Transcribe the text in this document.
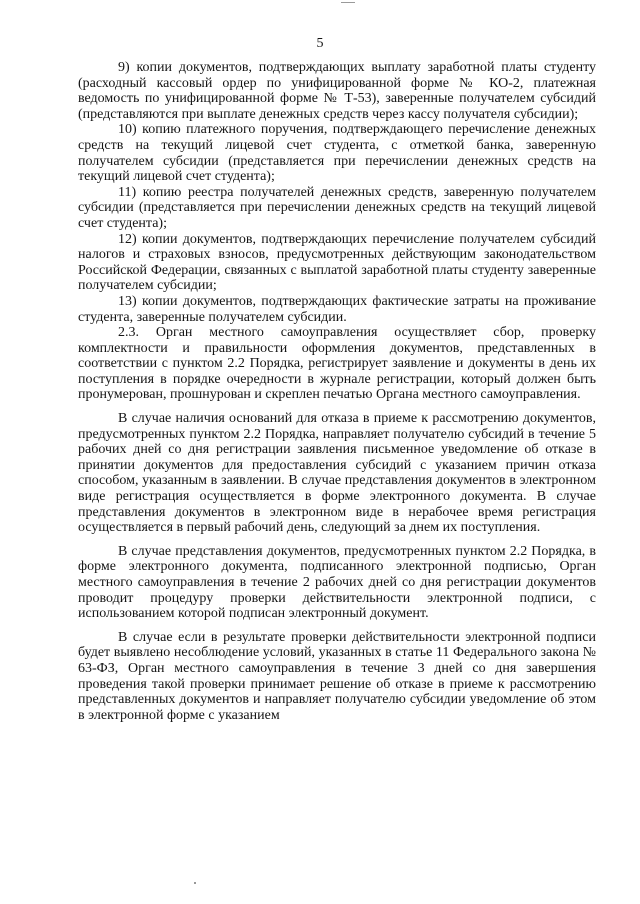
5

9) копии документов, подтверждающих выплату заработной платы студенту (расходный кассовый ордер по унифицированной форме № КО-2, платежная ведомость по унифицированной форме № Т-53), заверенные получателем субсидий (представляются при выплате денежных средств через кассу получателя субсидии);

10) копию платежного поручения, подтверждающего перечисление денежных средств на текущий лицевой счет студента, с отметкой банка, заверенную получателем субсидии (представляется при перечислении денежных средств на текущий лицевой счет студента);

11) копию реестра получателей денежных средств, заверенную получателем субсидии (представляется при перечислении денежных средств на текущий лицевой счет студента);

12) копии документов, подтверждающих перечисление получателем субсидий налогов и страховых взносов, предусмотренных действующим законодательством Российской Федерации, связанных с выплатой заработной платы студенту заверенные получателем субсидии;

13) копии документов, подтверждающих фактические затраты на проживание студента, заверенные получателем субсидии.

2.3. Орган местного самоуправления осуществляет сбор, проверку комплектности и правильности оформления документов, представленных в соответствии с пунктом 2.2 Порядка, регистрирует заявление и документы в день их поступления в порядке очередности в журнале регистрации, который должен быть пронумерован, прошнурован и скреплен печатью Органа местного самоуправления.

В случае наличия оснований для отказа в приеме к рассмотрению документов, предусмотренных пунктом 2.2 Порядка, направляет получателю субсидий в течение 5 рабочих дней со дня регистрации заявления письменное уведомление об отказе в принятии документов для предоставления субсидий с указанием причин отказа способом, указанным в заявлении. В случае представления документов в электронном виде регистрация осуществляется в форме электронного документа. В случае представления документов в электронном виде в нерабочее время регистрация осуществляется в первый рабочий день, следующий за днем их поступления.

В случае представления документов, предусмотренных пунктом 2.2 Порядка, в форме электронного документа, подписанного электронной подписью, Орган местного самоуправления в течение 2 рабочих дней со дня регистрации документов проводит процедуру проверки действительности электронной подписи, с использованием которой подписан электронный документ.

В случае если в результате проверки действительности электронной подписи будет выявлено несоблюдение условий, указанных в статье 11 Федерального закона № 63-ФЗ, Орган местного самоуправления в течение 3 дней со дня завершения проведения такой проверки принимает решение об отказе в приеме к рассмотрению представленных документов и направляет получателю субсидии уведомление об этом в электронной форме с указанием
